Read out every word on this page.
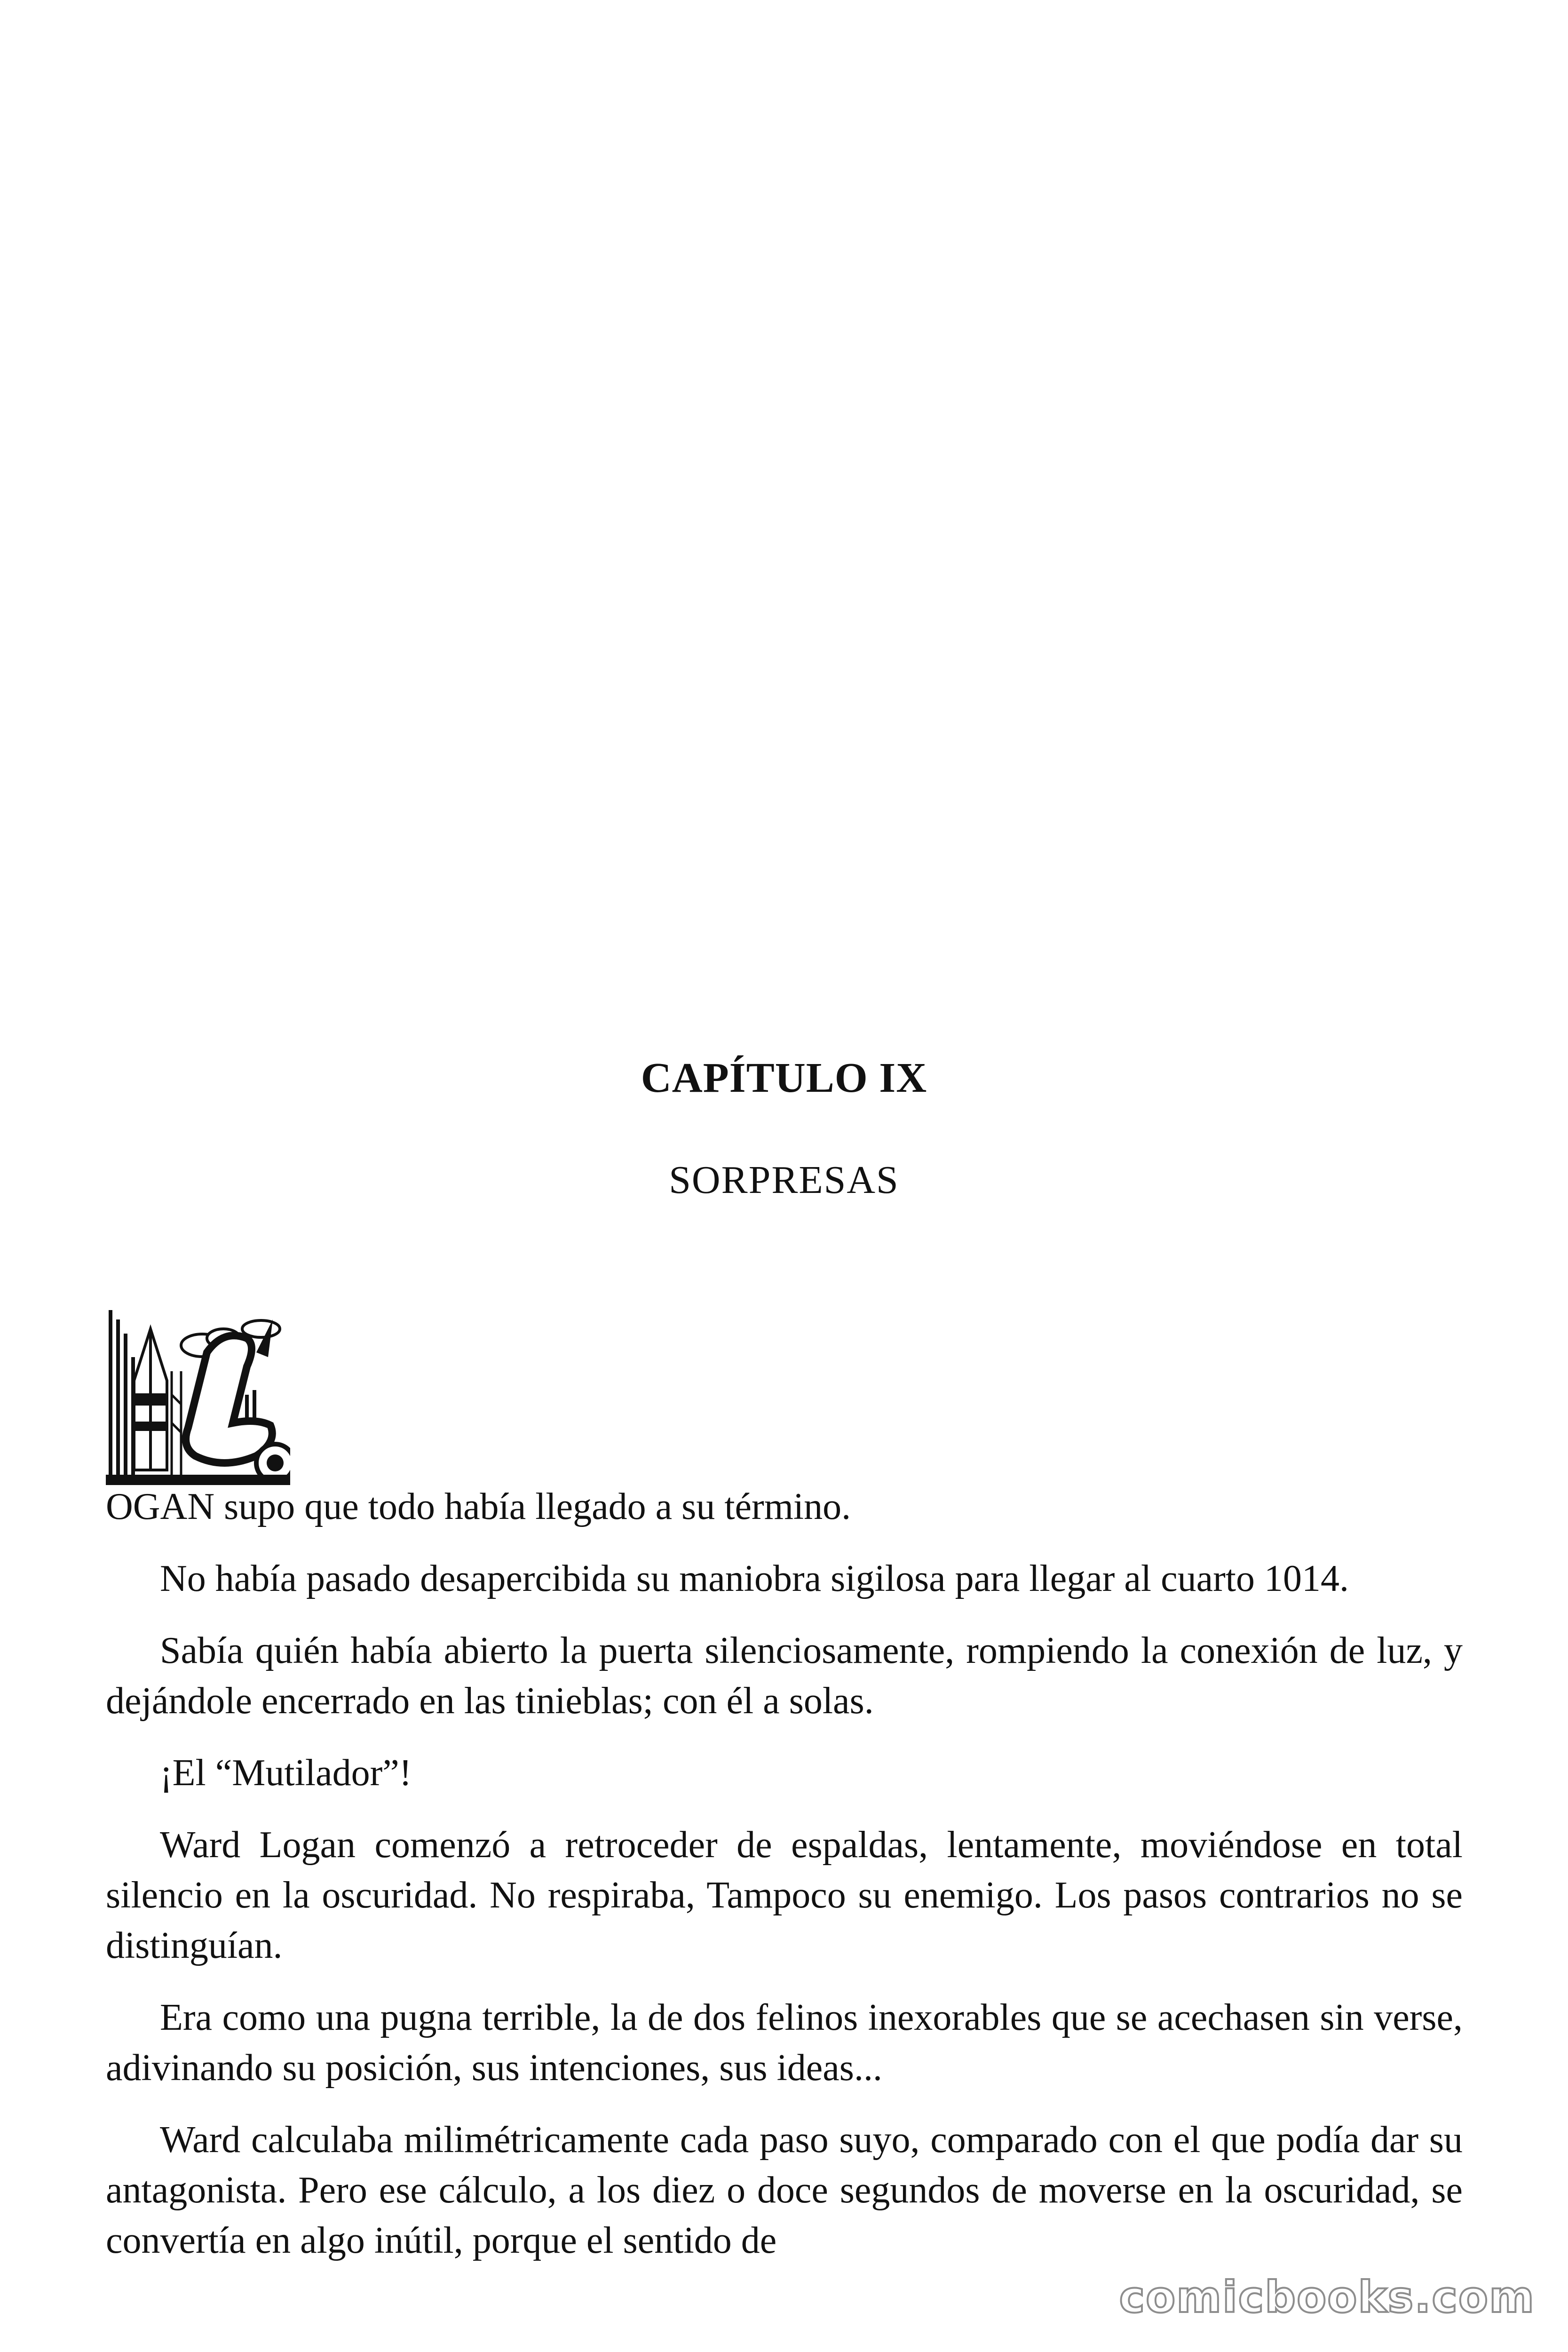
CAPÍTULO IX
SORPRESAS

OGAN supo que todo había llegado a su término.

No había pasado desapercibida su maniobra sigilosa para llegar al cuarto 1014.

Sabía quién había abierto la puerta silenciosamente, rompiendo la conexión de luz, y dejándole encerrado en las tinieblas; con él a solas.

¡El “Mutilador”!

Ward Logan comenzó a retroceder de espaldas, lentamente, moviéndose en total silencio en la oscuridad. No respiraba, Tampoco su enemigo. Los pasos contrarios no se distinguían.

Era como una pugna terrible, la de dos felinos inexorables que se acechasen sin verse, adivinando su posición, sus intenciones, sus ideas...

Ward calculaba milimétricamente cada paso suyo, comparado con el que podía dar su antagonista. Pero ese cálculo, a los diez o doce segundos de moverse en la oscuridad, se convertía en algo inútil, porque el sentido de

comicbooks.com
